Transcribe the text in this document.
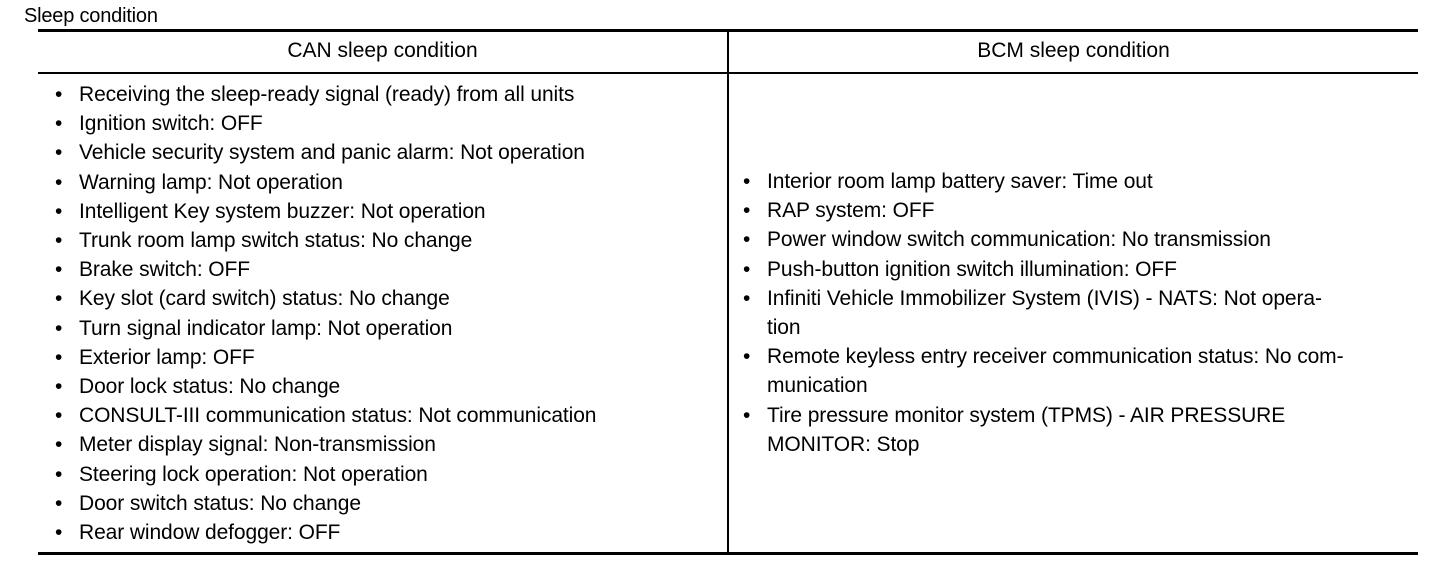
Sleep condition
CAN sleep condition	BCM sleep condition
• Receiving the sleep-ready signal (ready) from all units
• Ignition switch: OFF
• Vehicle security system and panic alarm: Not operation
• Warning lamp: Not operation
• Intelligent Key system buzzer: Not operation
• Trunk room lamp switch status: No change
• Brake switch: OFF
• Key slot (card switch) status: No change
• Turn signal indicator lamp: Not operation
• Exterior lamp: OFF
• Door lock status: No change
• CONSULT-III communication status: Not communication
• Meter display signal: Non-transmission
• Steering lock operation: Not operation
• Door switch status: No change
• Rear window defogger: OFF
• Interior room lamp battery saver: Time out
• RAP system: OFF
• Power window switch communication: No transmission
• Push-button ignition switch illumination: OFF
• Infiniti Vehicle Immobilizer System (IVIS) - NATS: Not opera-
tion
• Remote keyless entry receiver communication status: No com-
munication
• Tire pressure monitor system (TPMS) - AIR PRESSURE
MONITOR: Stop
